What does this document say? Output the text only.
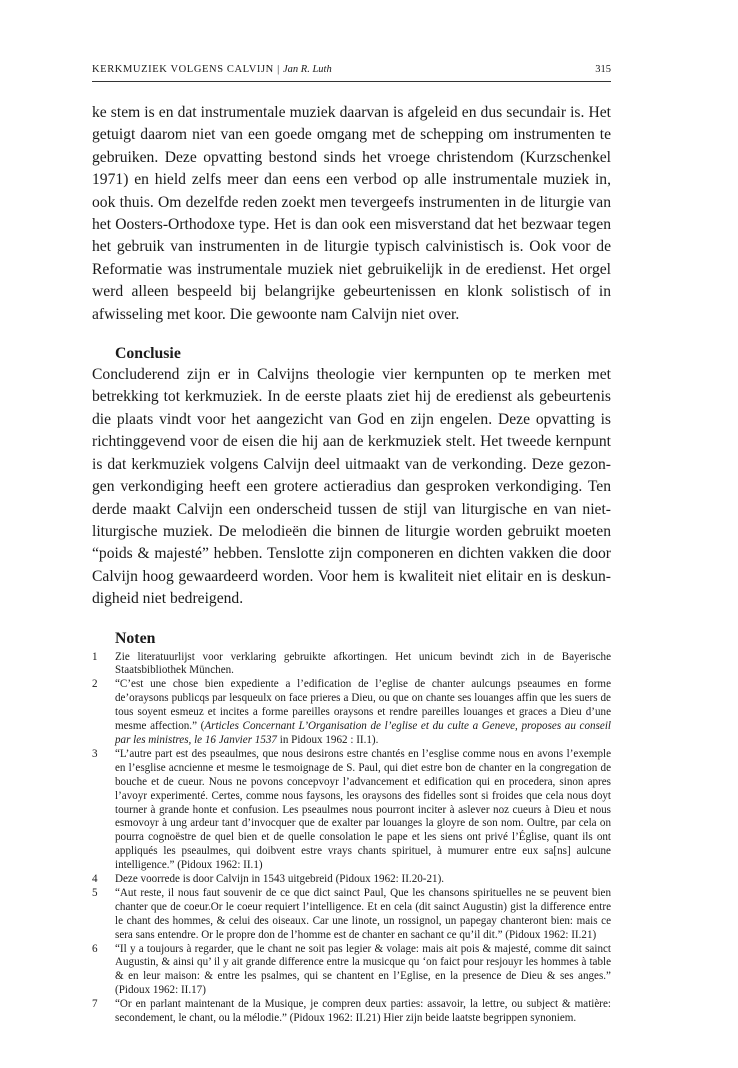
KERKMUZIEK VOLGENS CALVIJN | Jan R. Luth	315

ke stem is en dat instrumentale muziek daarvan is afgeleid en dus secundair is. Het getuigt daarom niet van een goede omgang met de schepping om instrumenten te gebruiken. Deze opvatting bestond sinds het vroege christendom (Kurzschenkel 1971) en hield zelfs meer dan eens een verbod op alle instrumentale muziek in, ook thuis. Om dezelfde reden zoekt men tevergeefs instrumenten in de liturgie van het Oosters-Orthodoxe type. Het is dan ook een misverstand dat het bezwaar tegen het gebruik van instrumenten in de liturgie typisch calvinistisch is. Ook voor de Reformatie was instrumentale muziek niet gebruikelijk in de eredienst. Het orgel werd alleen bespeeld bij belangrijke gebeurtenissen en klonk solistisch of in afwisseling met koor. Die gewoonte nam Calvijn niet over.

Conclusie

Concluderend zijn er in Calvijns theologie vier kernpunten op te merken met betrekking tot kerkmuziek. In de eerste plaats ziet hij de eredienst als gebeurtenis die plaats vindt voor het aangezicht van God en zijn engelen. Deze opvatting is richtinggevend voor de eisen die hij aan de kerkmuziek stelt. Het tweede kernpunt is dat kerkmuziek volgens Calvijn deel uitmaakt van de verkonding. Deze gezongen verkondiging heeft een grotere actieradius dan gesproken verkondiging. Ten derde maakt Calvijn een onderscheid tussen de stijl van liturgische en van niet-liturgische muziek. De melodieën die binnen de liturgie worden gebruikt moeten “poids & majesté” hebben. Tenslotte zijn componeren en dichten vakken die door Calvijn hoog gewaardeerd worden. Voor hem is kwaliteit niet elitair en is deskundigheid niet bedreigend.

Noten
1	Zie literatuurlijst voor verklaring gebruikte afkortingen. Het unicum bevindt zich in de Bayerische Staatsbibliothek München.
2	“C’est une chose bien expediente a l’edification de l’eglise de chanter aulcungs pseaumes en forme de’oraysons publicqs par lesqueulx on face prieres a Dieu, ou que on chante ses louanges affin que les suers de tous soyent esmeuz et incites a forme pareilles oraysons et rendre pareilles louanges et graces a Dieu d’une mesme affection.” (Articles Concernant L’Organisation de l’eglise et du culte a Geneve, proposes au conseil par les ministres, le 16 Janvier 1537 in Pidoux 1962 : II.1).
3	“L’autre part est des pseaulmes, que nous desirons estre chantés en l’esglise comme nous en avons l’exemple en l’esglise acncienne et mesme le tesmoignage de S. Paul, qui diet estre bon de chanter en la congregation de bouche et de cueur. Nous ne povons concepvoyr l’advancement et edification qui en procedera, sinon apres l’avoyr experimenté. Certes, comme nous faysons, les oraysons des fidelles sont si froides que cela nous doyt tourner à grande honte et confusion. Les pseaulmes nous pourront inciter à aslever noz cueurs à Dieu et nous esmovoyr à ung ardeur tant d’invocquer que de exalter par louanges la gloyre de son nom. Oultre, par cela on pourra cognoëstre de quel bien et de quelle consolation le pape et les siens ont privé l’Église, quant ils ont appliqués les pseaulmes, qui doibvent estre vrays chants spirituel, à mumurer entre eux sa[ns] aulcune intelligence.” (Pidoux 1962: II.1)
4	Deze voorrede is door Calvijn in 1543 uitgebreid (Pidoux 1962: II.20-21).
5	“Aut reste, il nous faut souvenir de ce que dict sainct Paul, Que les chansons spirituelles ne se peuvent bien chanter que de coeur.Or le coeur requiert l’intelligence. Et en cela (dit sainct Augustin) gist la difference entre le chant des hommes, & celui des oiseaux. Car une linote, un rossignol, un papegay chanteront bien: mais ce sera sans entendre. Or le propre don de l’homme est de chanter en sachant ce qu’il dit.” (Pidoux 1962: II.21)
6	“Il y a toujours à regarder, que le chant ne soit pas legier & volage: mais ait pois & majesté, comme dit sainct Augustin, & ainsi qu’ il y ait grande difference entre la musicque qu ‘on faict pour resjouyr les hommes à table & en leur maison: & entre les psalmes, qui se chantent en l’Eglise, en la presence de Dieu & ses anges.” (Pidoux 1962: II.17)
7	“Or en parlant maintenant de la Musique, je compren deux parties: assavoir, la lettre, ou subject & matière: secondement, le chant, ou la mélodie.” (Pidoux 1962: II.21) Hier zijn beide laatste begrippen synoniem.
